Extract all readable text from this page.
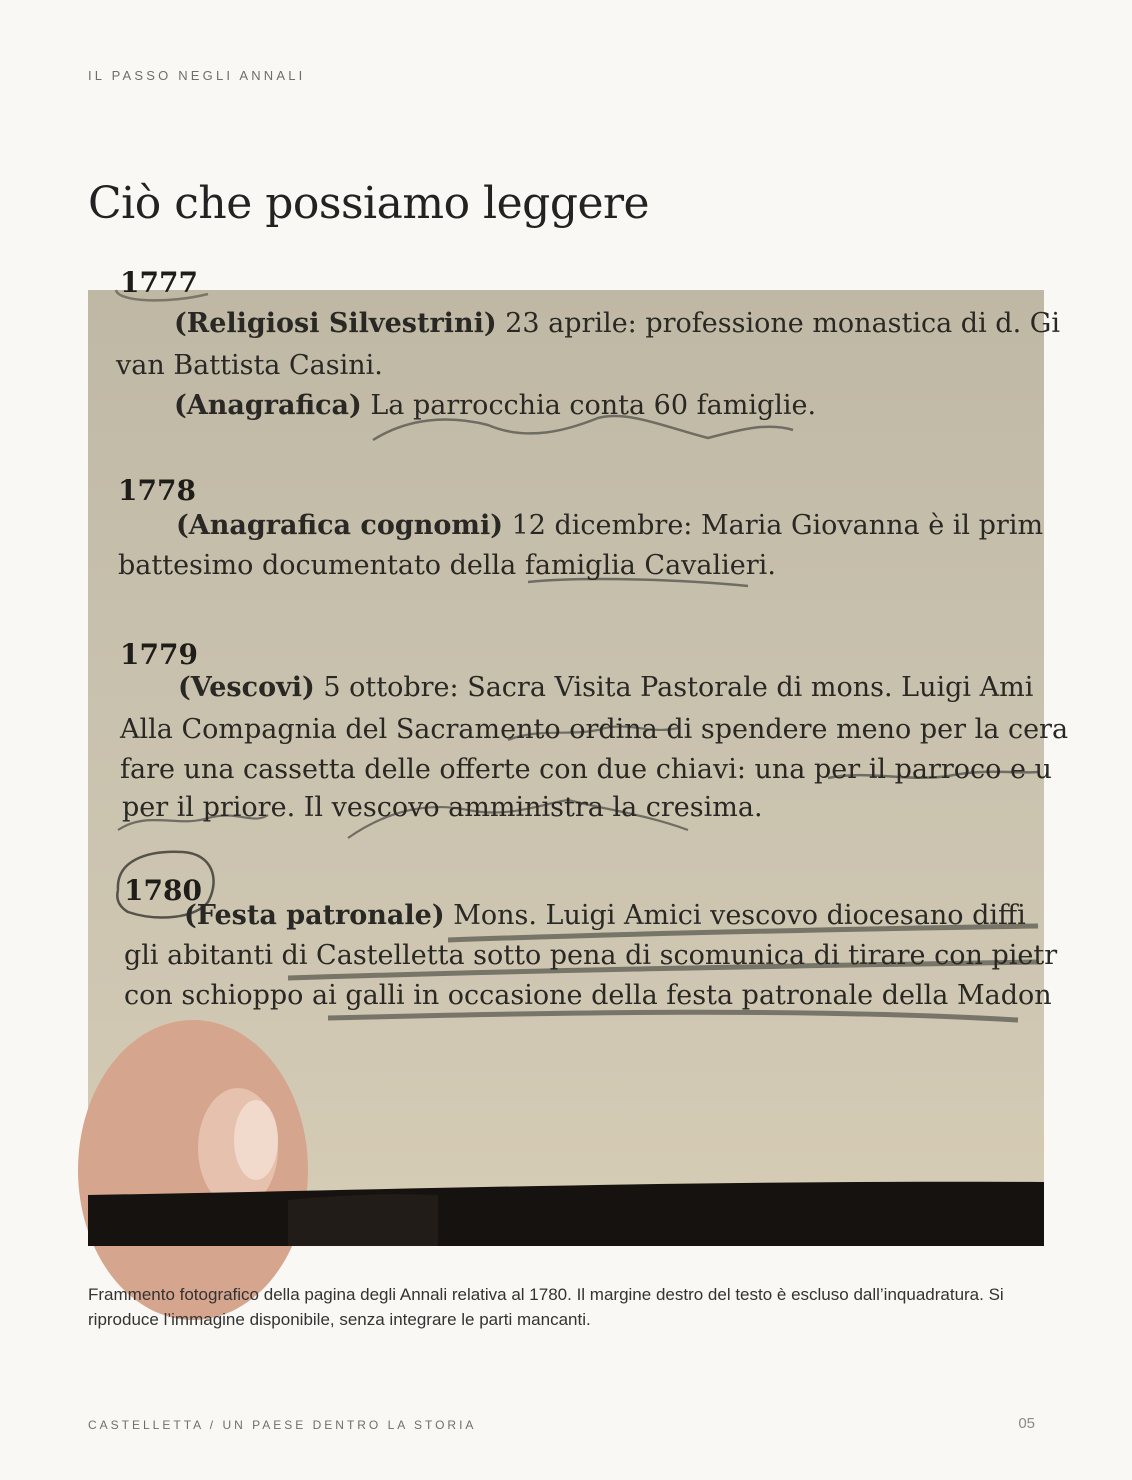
IL PASSO NEGLI ANNALI
Ciò che possiamo leggere
1777
(Religiosi Silvestrini) 23 aprile: professione monastica di d. Gi
van Battista Casini.
(Anagrafica) La parrocchia conta 60 famiglie.
1778
(Anagrafica cognomi) 12 dicembre: Maria Giovanna è il prim
battesimo documentato della famiglia Cavalieri.
1779
(Vescovi) 5 ottobre: Sacra Visita Pastorale di mons. Luigi Ami
Alla Compagnia del Sacramento ordina di spendere meno per la cera
fare una cassetta delle offerte con due chiavi: una per il parroco e u
per il priore. Il vescovo amministra la cresima.
1780
(Festa patronale) Mons. Luigi Amici vescovo diocesano diffi
gli abitanti di Castelletta sotto pena di scomunica di tirare con pietr
con schioppo ai galli in occasione della festa patronale della Madon

Frammento fotografico della pagina degli Annali relativa al 1780. Il margine destro del testo è escluso dall’inquadratura. Si riproduce l’immagine disponibile, senza integrare le parti mancanti.

CASTELLETTA / UN PAESE DENTRO LA STORIA	05
